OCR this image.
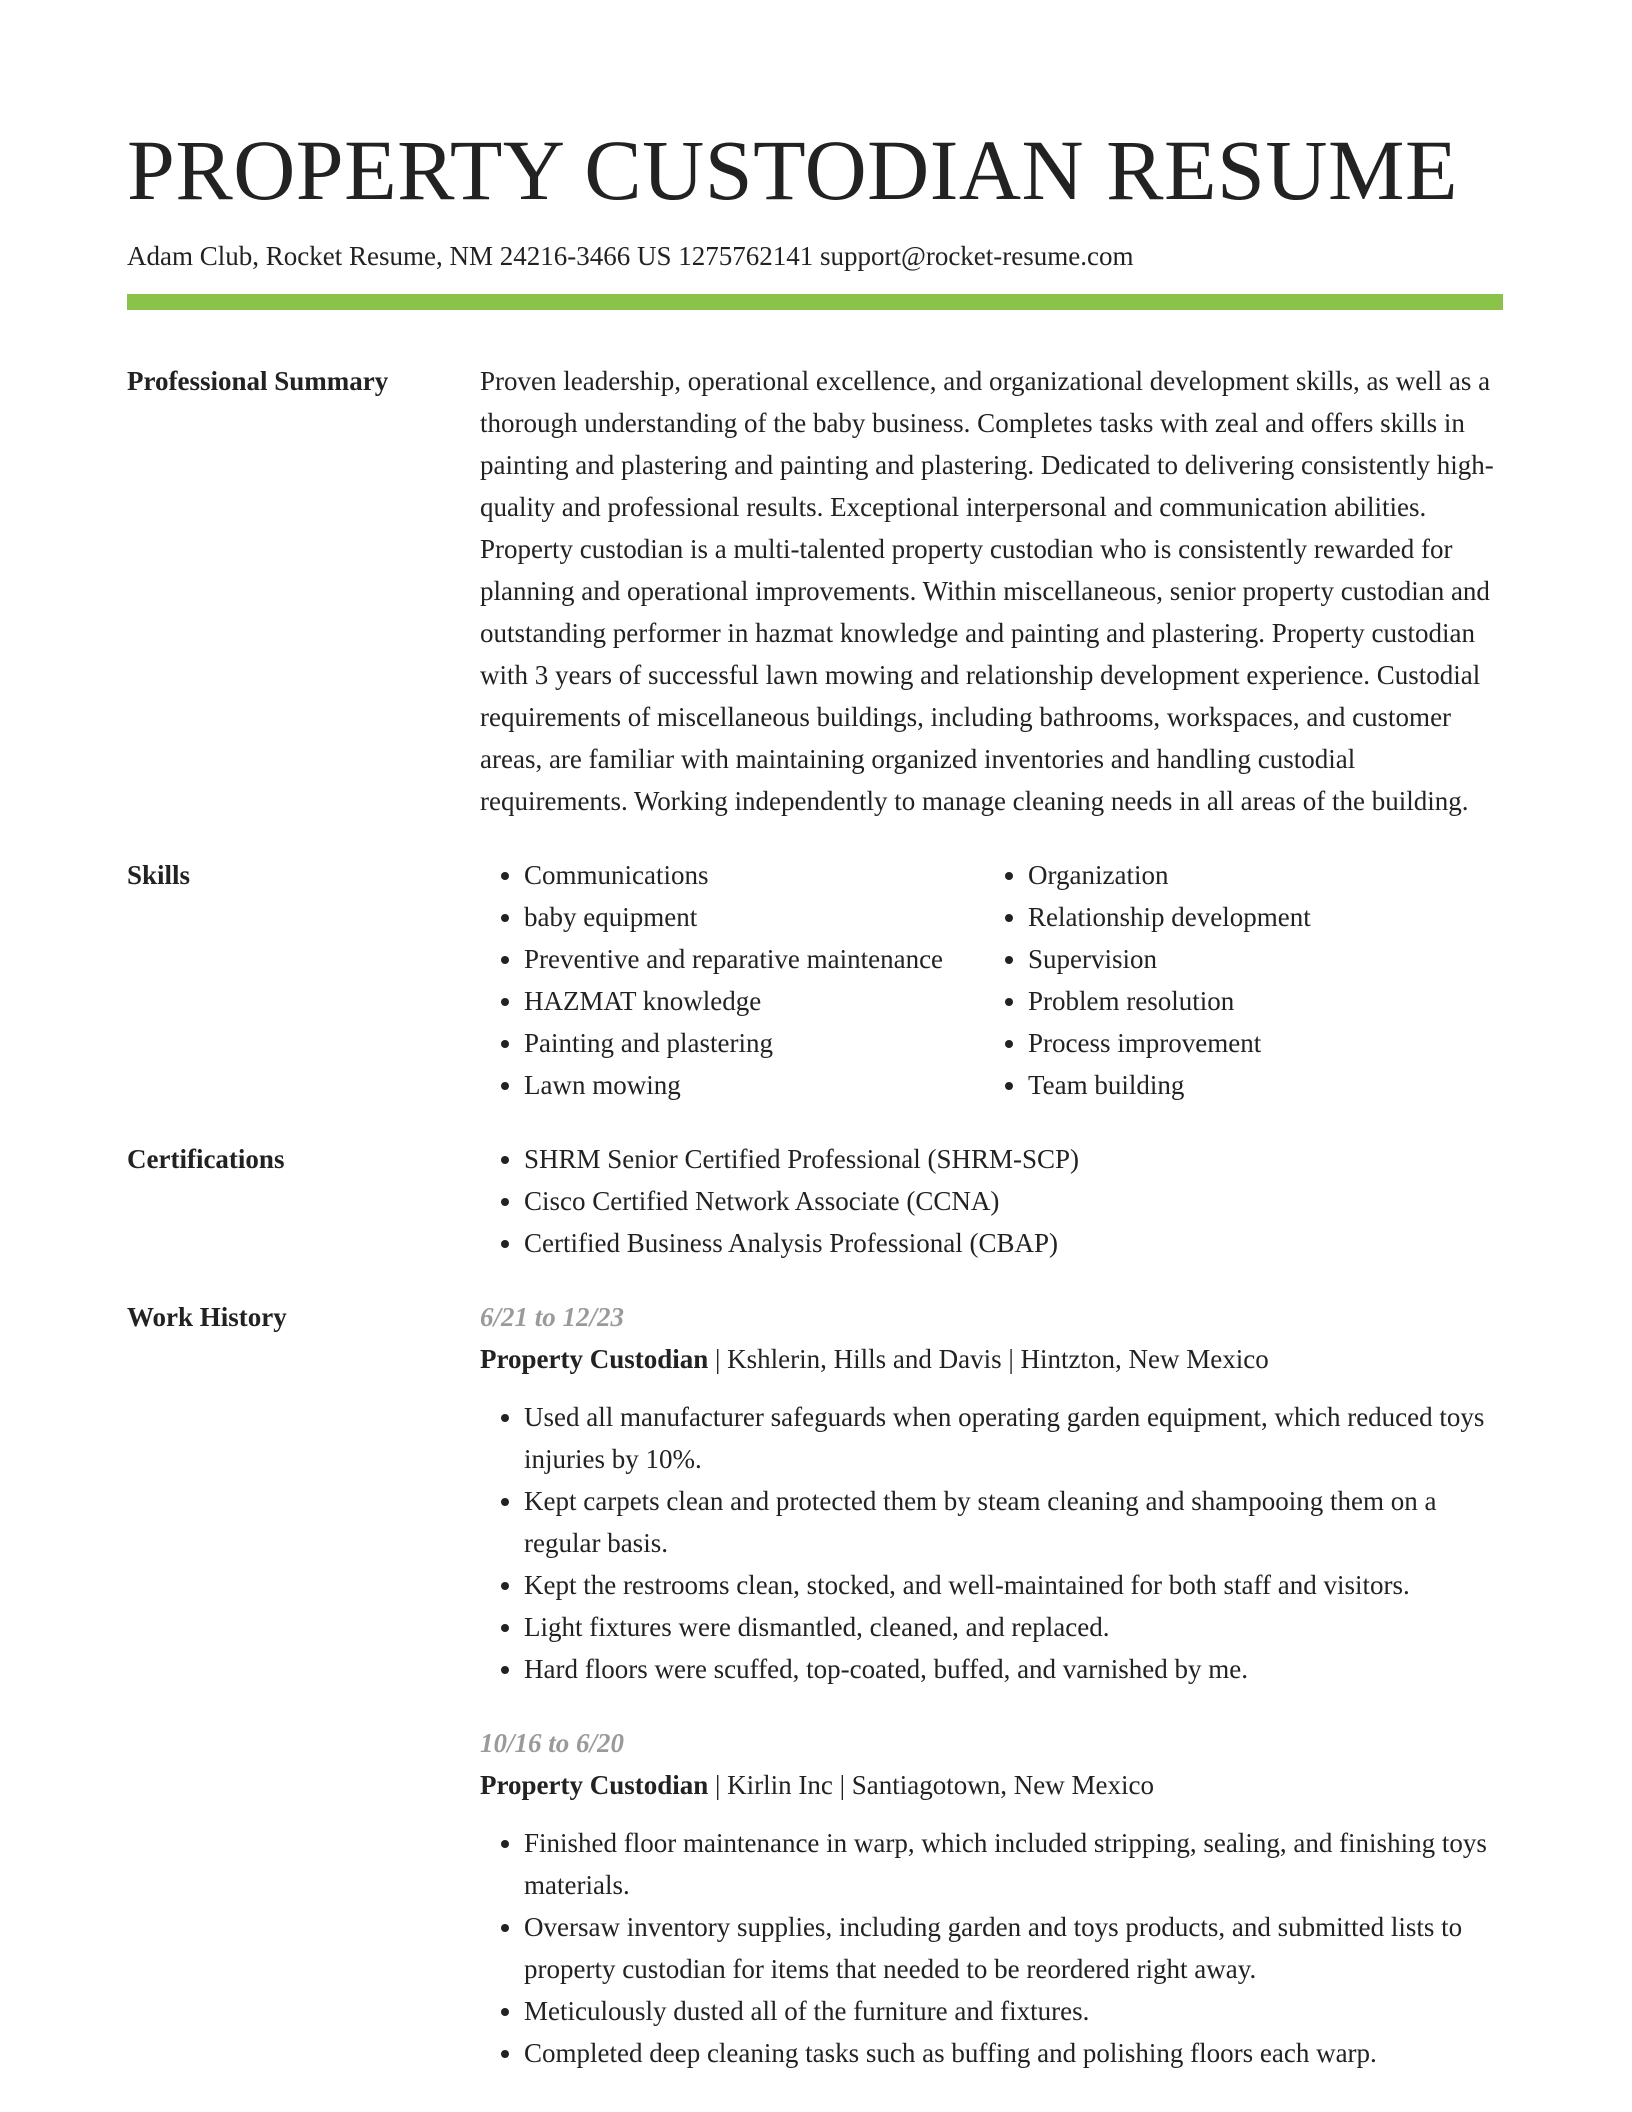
PROPERTY CUSTODIAN RESUME
Adam Club, Rocket Resume, NM 24216-3466 US 1275762141 support@rocket-resume.com
Professional Summary	Proven leadership, operational excellence, and organizational development skills, as well as a thorough understanding of the baby business. Completes tasks with zeal and offers skills in painting and plastering and painting and plastering. Dedicated to delivering consistently high-quality and professional results. Exceptional interpersonal and communication abilities. Property custodian is a multi-talented property custodian who is consistently rewarded for planning and operational improvements. Within miscellaneous, senior property custodian and outstanding performer in hazmat knowledge and painting and plastering. Property custodian with 3 years of successful lawn mowing and relationship development experience. Custodial requirements of miscellaneous buildings, including bathrooms, workspaces, and customer areas, are familiar with maintaining organized inventories and handling custodial requirements. Working independently to manage cleaning needs in all areas of the building.
Skills	• Communications
• baby equipment
• Preventive and reparative maintenance
• HAZMAT knowledge
• Painting and plastering
• Lawn mowing
• Organization
• Relationship development
• Supervision
• Problem resolution
• Process improvement
• Team building
Certifications	• SHRM Senior Certified Professional (SHRM-SCP)
• Cisco Certified Network Associate (CCNA)
• Certified Business Analysis Professional (CBAP)
Work History	6/21 to 12/23
Property Custodian | Kshlerin, Hills and Davis | Hintzton, New Mexico
• Used all manufacturer safeguards when operating garden equipment, which reduced toys injuries by 10%.
• Kept carpets clean and protected them by steam cleaning and shampooing them on a regular basis.
• Kept the restrooms clean, stocked, and well-maintained for both staff and visitors.
• Light fixtures were dismantled, cleaned, and replaced.
• Hard floors were scuffed, top-coated, buffed, and varnished by me.
10/16 to 6/20
Property Custodian | Kirlin Inc | Santiagotown, New Mexico
• Finished floor maintenance in warp, which included stripping, sealing, and finishing toys materials.
• Oversaw inventory supplies, including garden and toys products, and submitted lists to property custodian for items that needed to be reordered right away.
• Meticulously dusted all of the furniture and fixtures.
• Completed deep cleaning tasks such as buffing and polishing floors each warp.
